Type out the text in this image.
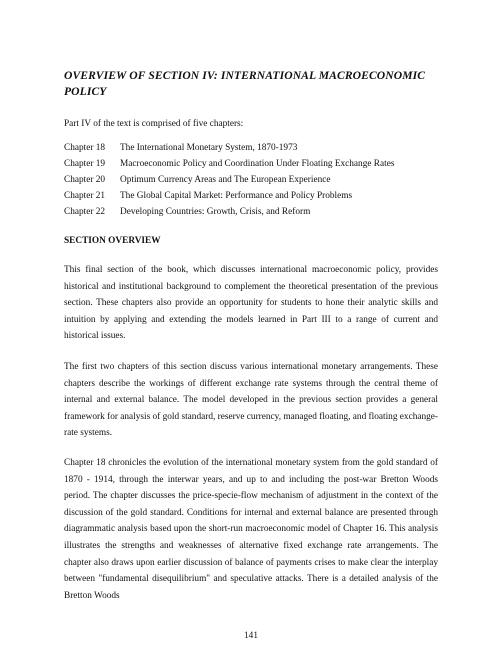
OVERVIEW OF SECTION IV: INTERNATIONAL MACROECONOMIC POLICY

Part IV of the text is comprised of five chapters:

Chapter 18	The International Monetary System, 1870-1973
Chapter 19	Macroeconomic Policy and Coordination Under Floating Exchange Rates
Chapter 20	Optimum Currency Areas and The European Experience
Chapter 21	The Global Capital Market: Performance and Policy Problems
Chapter 22	Developing Countries: Growth, Crisis, and Reform
SECTION OVERVIEW

This final section of the book, which discusses international macroeconomic policy, provides historical and institutional background to complement the theoretical presentation of the previous section. These chapters also provide an opportunity for students to hone their analytic skills and intuition by applying and extending the models learned in Part III to a range of current and historical issues.

The first two chapters of this section discuss various international monetary arrangements. These chapters describe the workings of different exchange rate systems through the central theme of internal and external balance. The model developed in the previous section provides a general framework for analysis of gold standard, reserve currency, managed floating, and floating exchange-rate systems.

Chapter 18 chronicles the evolution of the international monetary system from the gold standard of 1870 - 1914, through the interwar years, and up to and including the post-war Bretton Woods period. The chapter discusses the price-specie-flow mechanism of adjustment in the context of the discussion of the gold standard. Conditions for internal and external balance are presented through diagrammatic analysis based upon the short-run macroeconomic model of Chapter 16. This analysis illustrates the strengths and weaknesses of alternative fixed exchange rate arrangements. The chapter also draws upon earlier discussion of balance of payments crises to make clear the interplay between "fundamental disequilibrium" and speculative attacks. There is a detailed analysis of the Bretton Woods

141
